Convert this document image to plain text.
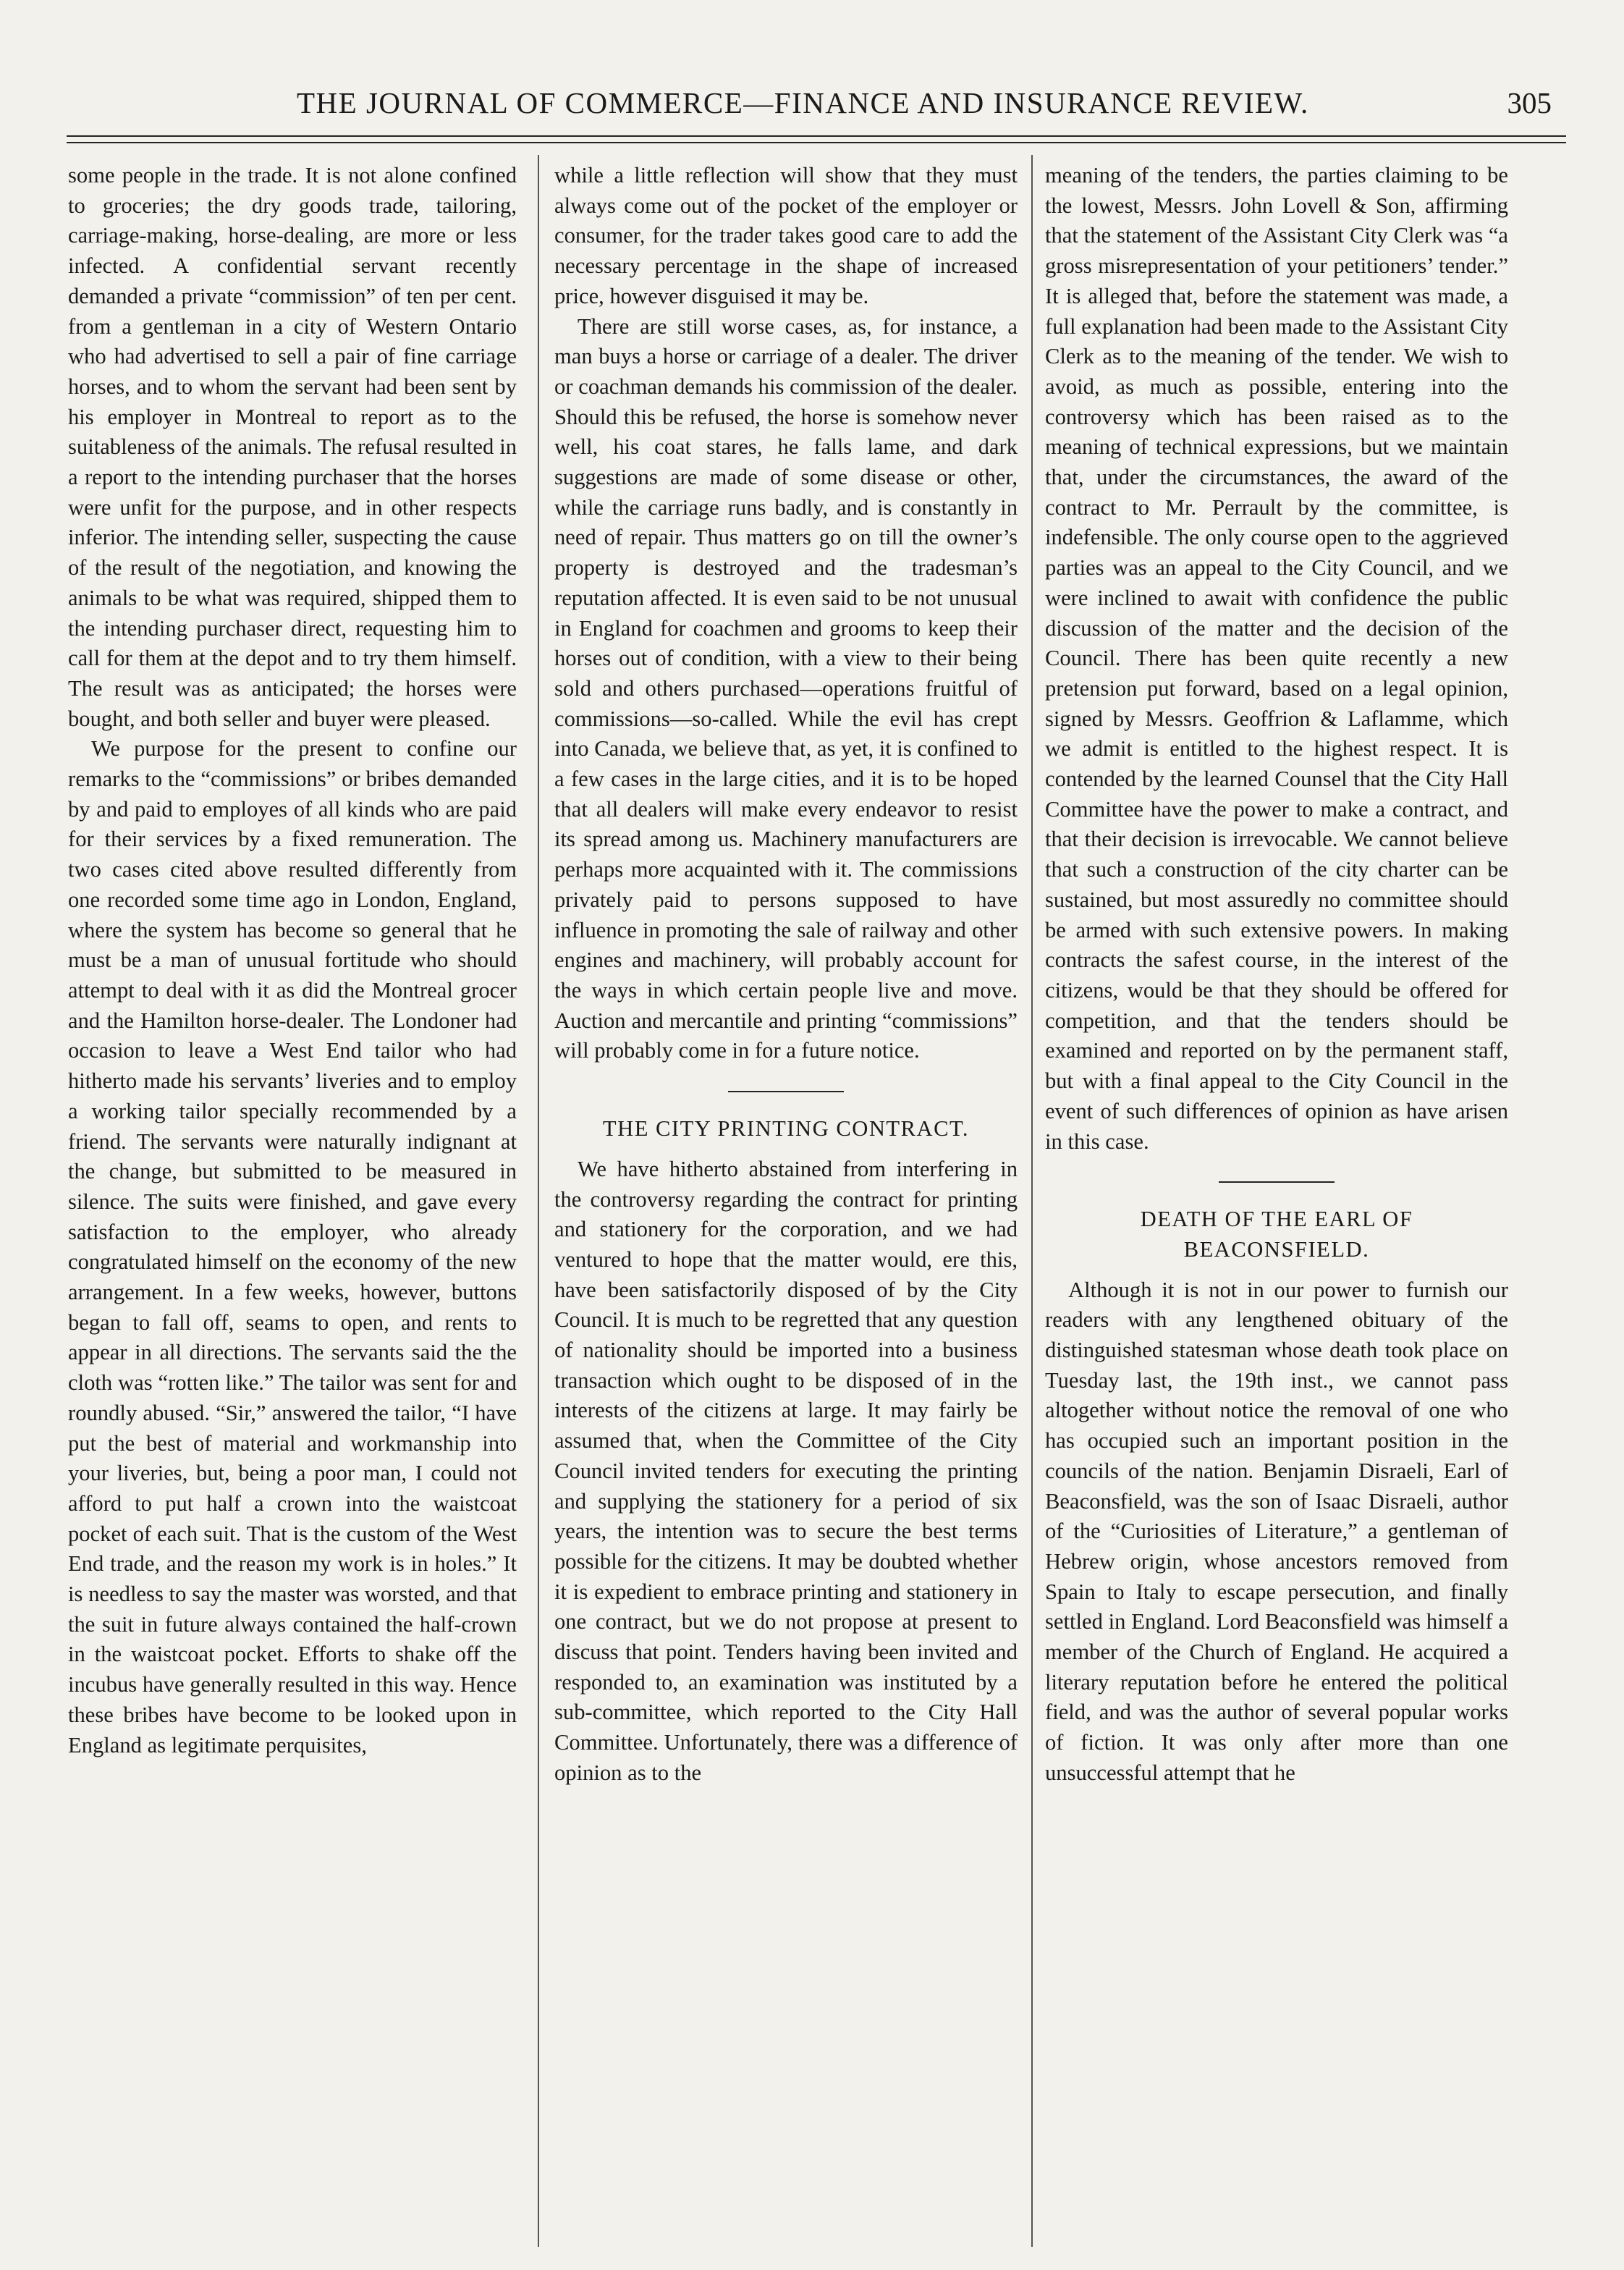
THE JOURNAL OF COMMERCE—FINANCE AND INSURANCE REVIEW.	305

some people in the trade. It is not alone confined to groceries; the dry goods trade, tailoring, carriage-making, horse-dealing, are more or less infected. A confidential servant recently demanded a private “commission” of ten per cent. from a gentleman in a city of Western Ontario who had advertised to sell a pair of fine carriage horses, and to whom the servant had been sent by his employer in Montreal to report as to the suitableness of the animals. The refusal resulted in a report to the intending purchaser that the horses were unfit for the purpose, and in other respects inferior. The intending seller, suspecting the cause of the result of the negotiation, and knowing the animals to be what was required, shipped them to the intending purchaser direct, requesting him to call for them at the depot and to try them himself. The result was as anticipated; the horses were bought, and both seller and buyer were pleased.

We purpose for the present to confine our remarks to the “commissions” or bribes demanded by and paid to employes of all kinds who are paid for their services by a fixed remuneration. The two cases cited above resulted differently from one recorded some time ago in London, England, where the system has become so general that he must be a man of unusual fortitude who should attempt to deal with it as did the Montreal grocer and the Hamilton horse-dealer. The Londoner had occasion to leave a West End tailor who had hitherto made his servants’ liveries and to employ a working tailor specially recommended by a friend. The servants were naturally indignant at the change, but submitted to be measured in silence. The suits were finished, and gave every satisfaction to the employer, who already congratulated himself on the economy of the new arrangement. In a few weeks, however, buttons began to fall off, seams to open, and rents to appear in all directions. The servants said the the cloth was “rotten like.” The tailor was sent for and roundly abused. “Sir,” answered the tailor, “I have put the best of material and workmanship into your liveries, but, being a poor man, I could not afford to put half a crown into the waistcoat pocket of each suit. That is the custom of the West End trade, and the reason my work is in holes.” It is needless to say the master was worsted, and that the suit in future always contained the half-crown in the waistcoat pocket. Efforts to shake off the incubus have generally resulted in this way. Hence these bribes have become to be looked upon in England as legitimate perquisites,

while a little reflection will show that they must always come out of the pocket of the employer or consumer, for the trader takes good care to add the necessary percentage in the shape of increased price, however disguised it may be.

There are still worse cases, as, for instance, a man buys a horse or carriage of a dealer. The driver or coachman demands his commission of the dealer. Should this be refused, the horse is somehow never well, his coat stares, he falls lame, and dark suggestions are made of some disease or other, while the carriage runs badly, and is constantly in need of repair. Thus matters go on till the owner’s property is destroyed and the tradesman’s reputation affected. It is even said to be not unusual in England for coachmen and grooms to keep their horses out of condition, with a view to their being sold and others purchased—operations fruitful of commissions—so-called. While the evil has crept into Canada, we believe that, as yet, it is confined to a few cases in the large cities, and it is to be hoped that all dealers will make every endeavor to resist its spread among us. Machinery manufacturers are perhaps more acquainted with it. The commissions privately paid to persons supposed to have influence in promoting the sale of railway and other engines and machinery, will probably account for the ways in which certain people live and move. Auction and mercantile and printing “commissions” will probably come in for a future notice.

THE CITY PRINTING CONTRACT.

We have hitherto abstained from interfering in the controversy regarding the contract for printing and stationery for the corporation, and we had ventured to hope that the matter would, ere this, have been satisfactorily disposed of by the City Council. It is much to be regretted that any question of nationality should be imported into a business transaction which ought to be disposed of in the interests of the citizens at large. It may fairly be assumed that, when the Committee of the City Council invited tenders for executing the printing and supplying the stationery for a period of six years, the intention was to secure the best terms possible for the citizens. It may be doubted whether it is expedient to embrace printing and stationery in one contract, but we do not propose at present to discuss that point. Tenders having been invited and responded to, an examination was instituted by a sub-committee, which reported to the City Hall Committee. Unfortunately, there was a difference of opinion as to the

meaning of the tenders, the parties claiming to be the lowest, Messrs. John Lovell & Son, affirming that the statement of the Assistant City Clerk was “a gross misrepresentation of your petitioners’ tender.” It is alleged that, before the statement was made, a full explanation had been made to the Assistant City Clerk as to the meaning of the tender. We wish to avoid, as much as possible, entering into the controversy which has been raised as to the meaning of technical expressions, but we maintain that, under the circumstances, the award of the contract to Mr. Perrault by the committee, is indefensible. The only course open to the aggrieved parties was an appeal to the City Council, and we were inclined to await with confidence the public discussion of the matter and the decision of the Council. There has been quite recently a new pretension put forward, based on a legal opinion, signed by Messrs. Geoffrion & Laflamme, which we admit is entitled to the highest respect. It is contended by the learned Counsel that the City Hall Committee have the power to make a contract, and that their decision is irrevocable. We cannot believe that such a construction of the city charter can be sustained, but most assuredly no committee should be armed with such extensive powers. In making contracts the safest course, in the interest of the citizens, would be that they should be offered for competition, and that the tenders should be examined and reported on by the permanent staff, but with a final appeal to the City Council in the event of such differences of opinion as have arisen in this case.

DEATH OF THE EARL OF BEACONSFIELD.

Although it is not in our power to furnish our readers with any lengthened obituary of the distinguished statesman whose death took place on Tuesday last, the 19th inst., we cannot pass altogether without notice the removal of one who has occupied such an important position in the councils of the nation. Benjamin Disraeli, Earl of Beaconsfield, was the son of Isaac Disraeli, author of the “Curiosities of Literature,” a gentleman of Hebrew origin, whose ancestors removed from Spain to Italy to escape persecution, and finally settled in England. Lord Beaconsfield was himself a member of the Church of England. He acquired a literary reputation before he entered the political field, and was the author of several popular works of fiction. It was only after more than one unsuccessful attempt that he
